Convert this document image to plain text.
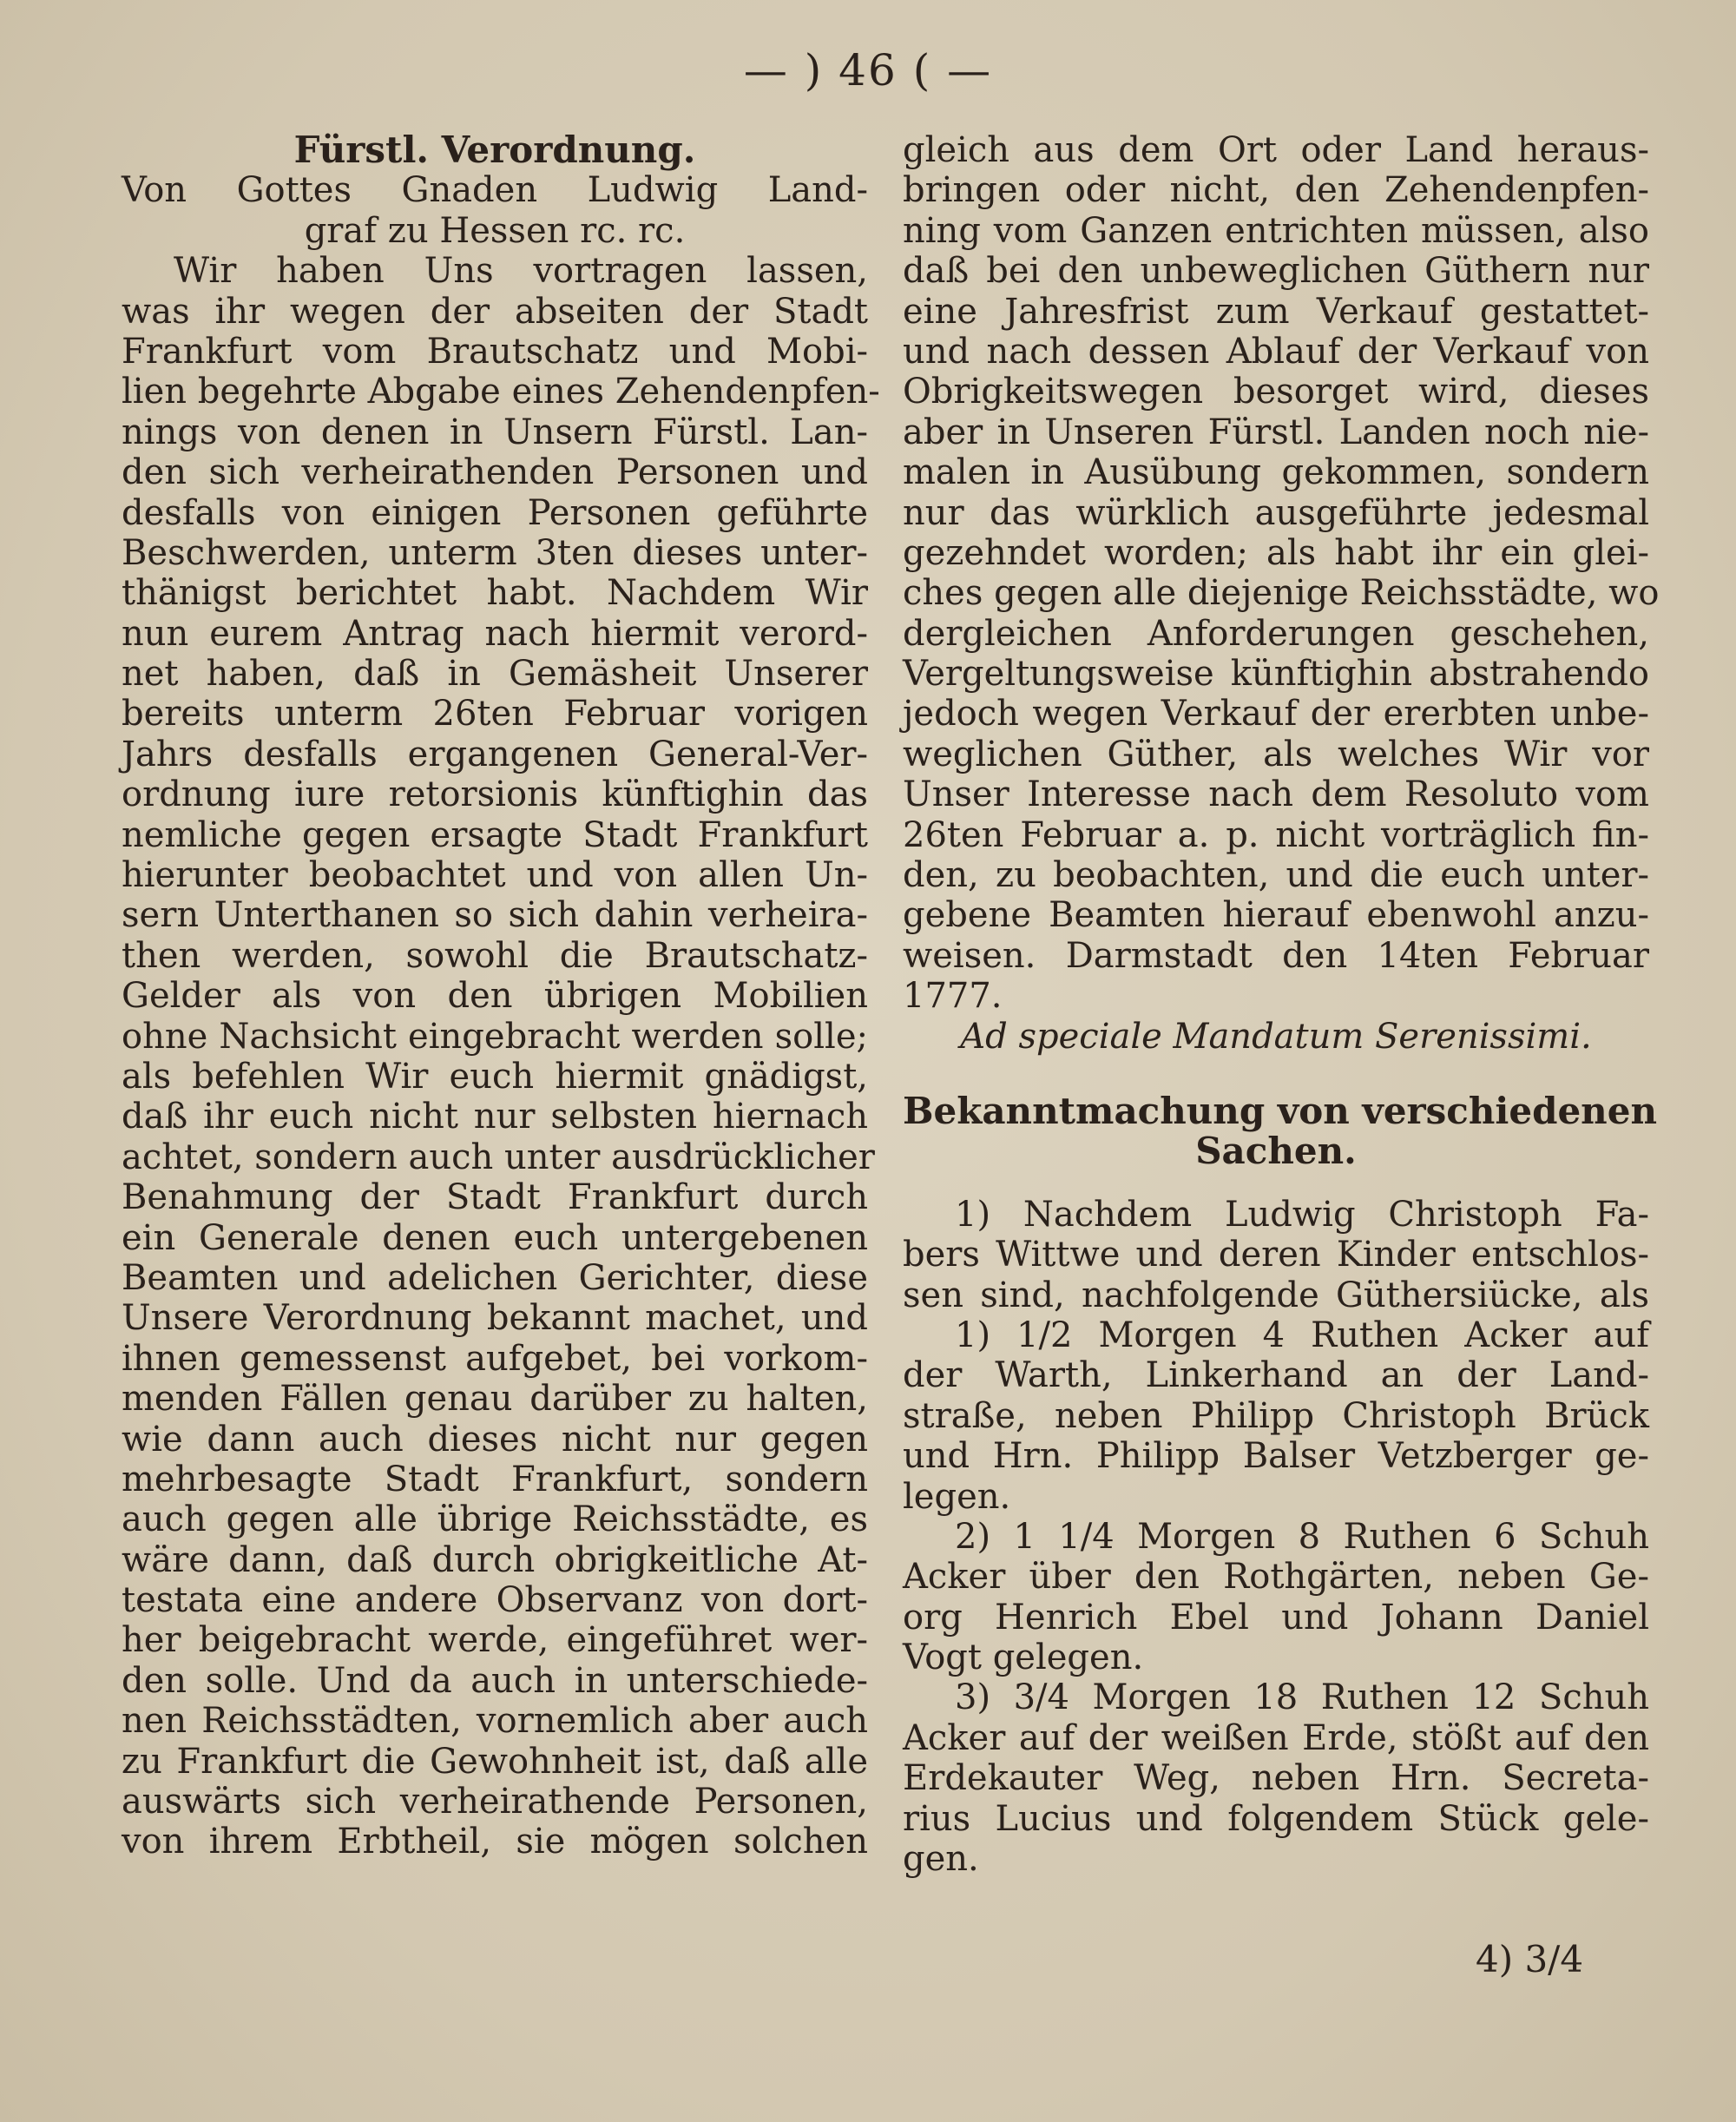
— ) 46 ( —
Fürstl. Verordnung.
Von Gottes Gnaden Ludwig Land-
graf zu Hessen rc. rc.
Wir haben Uns vortragen lassen,
was ihr wegen der abseiten der Stadt
Frankfurt vom Brautschatz und Mobi-
lien begehrte Abgabe eines Zehendenpfen-
nings von denen in Unsern Fürstl. Lan-
den sich verheirathenden Personen und
desfalls von einigen Personen geführte
Beschwerden, unterm 3ten dieses unter-
thänigst berichtet habt. Nachdem Wir
nun eurem Antrag nach hiermit verord-
net haben, daß in Gemäsheit Unserer
bereits unterm 26ten Februar vorigen
Jahrs desfalls ergangenen General-Ver-
ordnung iure retorsionis künftighin das
nemliche gegen ersagte Stadt Frankfurt
hierunter beobachtet und von allen Un-
sern Unterthanen so sich dahin verheira-
then werden, sowohl die Brautschatz-
Gelder als von den übrigen Mobilien
ohne Nachsicht eingebracht werden solle;
als befehlen Wir euch hiermit gnädigst,
daß ihr euch nicht nur selbsten hiernach
achtet, sondern auch unter ausdrücklicher
Benahmung der Stadt Frankfurt durch
ein Generale denen euch untergebenen
Beamten und adelichen Gerichter, diese
Unsere Verordnung bekannt machet, und
ihnen gemessenst aufgebet, bei vorkom-
menden Fällen genau darüber zu halten,
wie dann auch dieses nicht nur gegen
mehrbesagte Stadt Frankfurt, sondern
auch gegen alle übrige Reichsstädte, es
wäre dann, daß durch obrigkeitliche At-
testata eine andere Observanz von dort-
her beigebracht werde, eingeführet wer-
den solle. Und da auch in unterschiede-
nen Reichsstädten, vornemlich aber auch
zu Frankfurt die Gewohnheit ist, daß alle
auswärts sich verheirathende Personen,
von ihrem Erbtheil, sie mögen solchen
gleich aus dem Ort oder Land heraus-
bringen oder nicht, den Zehendenpfen-
ning vom Ganzen entrichten müssen, also
daß bei den unbeweglichen Güthern nur
eine Jahresfrist zum Verkauf gestattet-
und nach dessen Ablauf der Verkauf von
Obrigkeitswegen besorget wird, dieses
aber in Unseren Fürstl. Landen noch nie-
malen in Ausübung gekommen, sondern
nur das würklich ausgeführte jedesmal
gezehndet worden; als habt ihr ein glei-
ches gegen alle diejenige Reichsstädte, wo
dergleichen Anforderungen geschehen,
Vergeltungsweise künftighin abstrahendo
jedoch wegen Verkauf der ererbten unbe-
weglichen Güther, als welches Wir vor
Unser Interesse nach dem Resoluto vom
26ten Februar a. p. nicht vorträglich fin-
den, zu beobachten, und die euch unter-
gebene Beamten hierauf ebenwohl anzu-
weisen. Darmstadt den 14ten Februar
1777.
Ad speciale Mandatum Serenissimi.
Bekanntmachung von verschiedenen
Sachen.
1) Nachdem Ludwig Christoph Fa-
bers Wittwe und deren Kinder entschlos-
sen sind, nachfolgende Güthersiücke, als
1) 1/2 Morgen 4 Ruthen Acker auf
der Warth, Linkerhand an der Land-
straße, neben Philipp Christoph Brück
und Hrn. Philipp Balser Vetzberger ge-
legen.
2) 1 1/4 Morgen 8 Ruthen 6 Schuh
Acker über den Rothgärten, neben Ge-
org Henrich Ebel und Johann Daniel
Vogt gelegen.
3) 3/4 Morgen 18 Ruthen 12 Schuh
Acker auf der weißen Erde, stößt auf den
Erdekauter Weg, neben Hrn. Secreta-
rius Lucius und folgendem Stück gele-
gen.
4) 3/4
